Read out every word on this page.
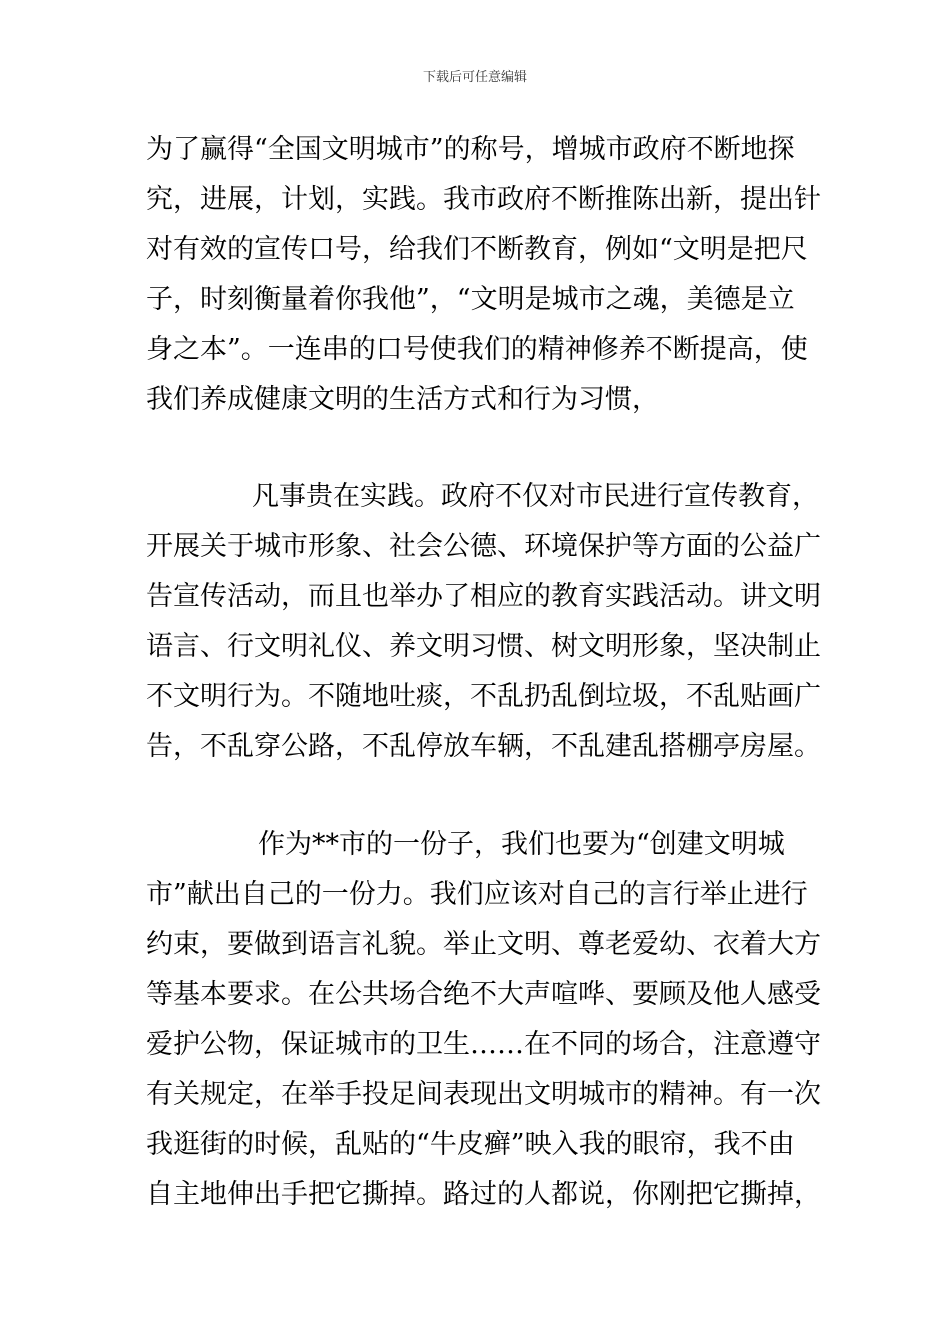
下载后可任意编辑
为了赢得“全国文明城市”的称号，增城市政府不断地探
究，进展，计划，实践。我市政府不断推陈出新，提出针
对有效的宣传口号，给我们不断教育，例如“文明是把尺
子，时刻衡量着你我他”，“文明是城市之魂，美德是立
身之本”。一连串的口号使我们的精神修养不断提高，使
我们养成健康文明的生活方式和行为习惯，
凡事贵在实践。政府不仅对市民进行宣传教育，
开展关于城市形象、社会公德、环境保护等方面的公益广
告宣传活动，而且也举办了相应的教育实践活动。讲文明
语言、行文明礼仪、养文明习惯、树文明形象，坚决制止
不文明行为。不随地吐痰，不乱扔乱倒垃圾，不乱贴画广
告，不乱穿公路，不乱停放车辆，不乱建乱搭棚亭房屋。
作为**市的一份子，我们也要为“创建文明城
市”献出自己的一份力。我们应该对自己的言行举止进行
约束，要做到语言礼貌。举止文明、尊老爱幼、衣着大方
等基本要求。在公共场合绝不大声喧哗、要顾及他人感受
爱护公物，保证城市的卫生……在不同的场合，注意遵守
有关规定，在举手投足间表现出文明城市的精神。有一次
我逛街的时候，乱贴的“牛皮癣”映入我的眼帘，我不由
自主地伸出手把它撕掉。路过的人都说，你刚把它撕掉，
